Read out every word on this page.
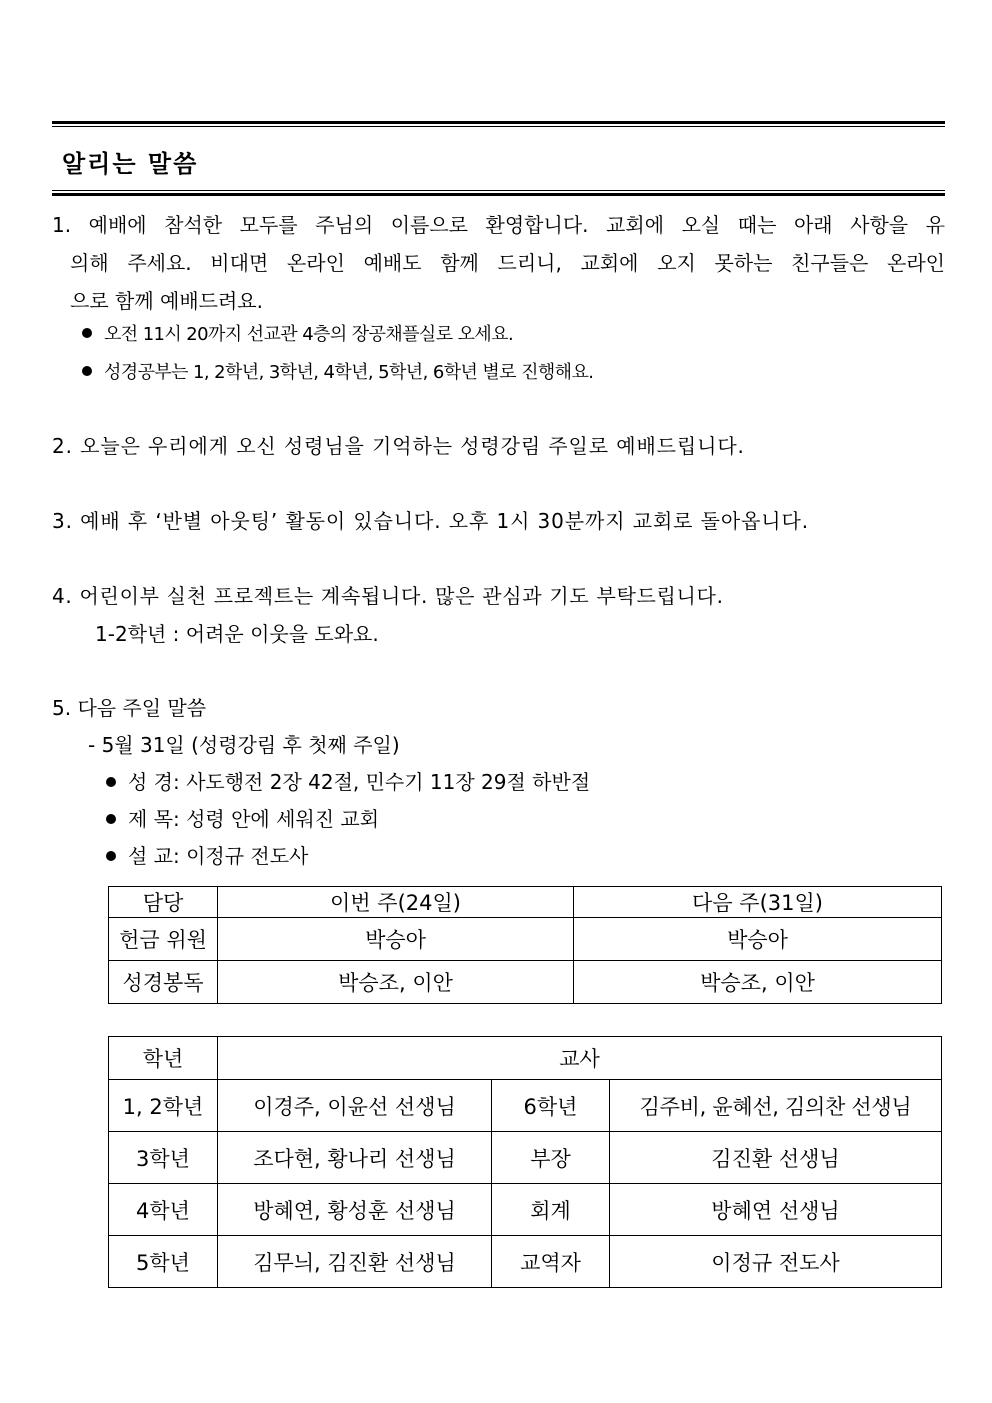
알리는 말씀
1. 예배에 참석한 모두를 주님의 이름으로 환영합니다. 교회에 오실 때는 아래 사항을 유
의해 주세요. 비대면 온라인 예배도 함께 드리니, 교회에 오지 못하는 친구들은 온라인
으로 함께 예배드려요.
오전 11시 20까지 선교관 4층의 장공채플실로 오세요.
성경공부는 1, 2학년, 3학년, 4학년, 5학년, 6학년 별로 진행해요.
2. 오늘은 우리에게 오신 성령님을 기억하는 성령강림 주일로 예배드립니다.
3. 예배 후 ‘반별 아웃팅’ 활동이 있습니다. 오후 1시 30분까지 교회로 돌아옵니다.
4. 어린이부 실천 프로젝트는 계속됩니다. 많은 관심과 기도 부탁드립니다.
1-2학년 : 어려운 이웃을 도와요.
5. 다음 주일 말씀
- 5월 31일 (성령강림 후 첫째 주일)
성 경: 사도행전 2장 42절, 민수기 11장 29절 하반절
제 목: 성령 안에 세워진 교회
설 교: 이정규 전도사
담당	이번 주(24일)	다음 주(31일)
헌금 위원	박승아	박승아
성경봉독	박승조, 이안	박승조, 이안
학년	교사		
1, 2학년	이경주, 이윤선 선생님	6학년	김주비, 윤혜선, 김의찬 선생님
3학년	조다현, 황나리 선생님	부장	김진환 선생님
4학년	방혜연, 황성훈 선생님	회계	방혜연 선생님
5학년	김무늬, 김진환 선생님	교역자	이정규 전도사
